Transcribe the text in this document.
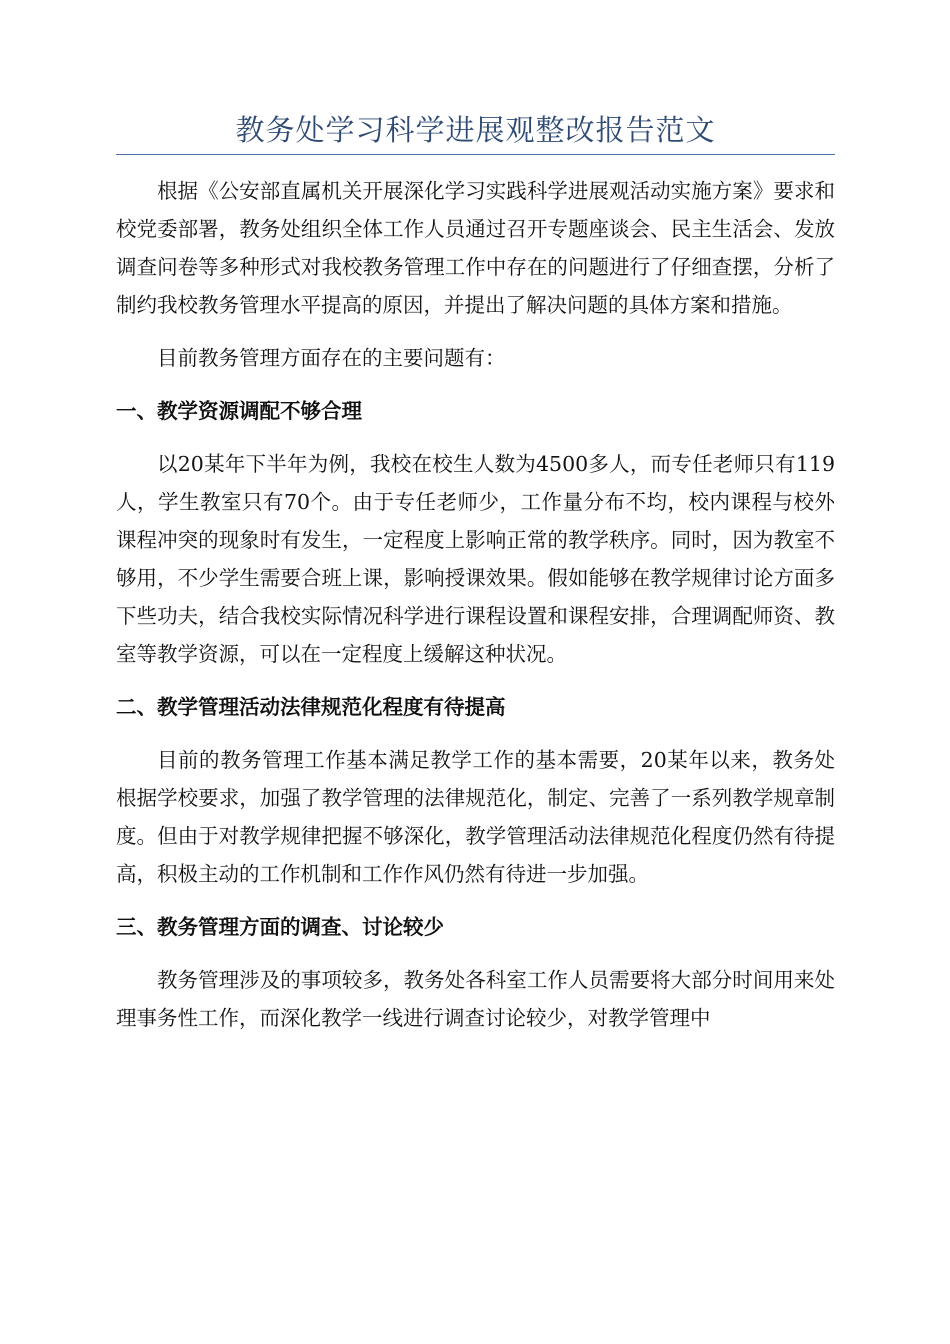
教务处学习科学进展观整改报告范文

根据《公安部直属机关开展深化学习实践科学进展观活动实施方案》要求和校党委部署，教务处组织全体工作人员通过召开专题座谈会、民主生活会、发放调查问卷等多种形式对我校教务管理工作中存在的问题进行了仔细查摆，分析了制约我校教务管理水平提高的原因，并提出了解决问题的具体方案和措施。

目前教务管理方面存在的主要问题有：

一、教学资源调配不够合理

以20某年下半年为例，我校在校生人数为4500多人，而专任老师只有119人，学生教室只有70个。由于专任老师少，工作量分布不均，校内课程与校外课程冲突的现象时有发生，一定程度上影响正常的教学秩序。同时，因为教室不够用，不少学生需要合班上课，影响授课效果。假如能够在教学规律讨论方面多下些功夫，结合我校实际情况科学进行课程设置和课程安排，合理调配师资、教室等教学资源，可以在一定程度上缓解这种状况。

二、教学管理活动法律规范化程度有待提高

目前的教务管理工作基本满足教学工作的基本需要，20某年以来，教务处根据学校要求，加强了教学管理的法律规范化，制定、完善了一系列教学规章制度。但由于对教学规律把握不够深化，教学管理活动法律规范化程度仍然有待提高，积极主动的工作机制和工作作风仍然有待进一步加强。

三、教务管理方面的调查、讨论较少

教务管理涉及的事项较多，教务处各科室工作人员需要将大部分时间用来处理事务性工作，而深化教学一线进行调查讨论较少，对教学管理中
